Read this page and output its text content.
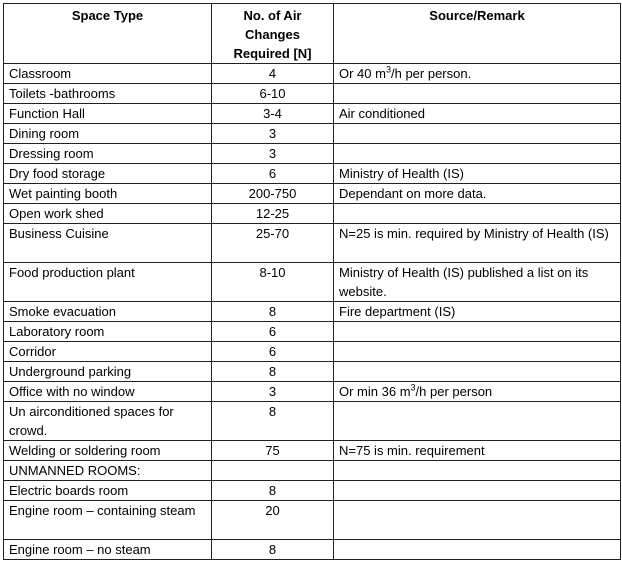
Space Type	No. of Air Changes Required [N]	Source/Remark
Classroom	4	Or 40 $m^3/h$ per person.
Toilets -bathrooms	6-10	
Function Hall	3-4	Air conditioned
Dining room	3	
Dressing room	3	
Dry food storage	6	Ministry of Health (IS)
Wet painting booth	200-750	Dependant on more data.
Open work shed	12-25	
Business Cuisine	25-70	N=25 is min. required by Ministry of Health (IS)
Food production plant	8-10	Ministry of Health (IS) published a list on its website.
Smoke evacuation	8	Fire department (IS)
Laboratory room	6	
Corridor	6	
Underground parking	8	
Office with no window	3	Or min 36 $m^3/h$ per person
Un airconditioned spaces for crowd.	8	
Welding or soldering room	75	N=75 is min. requirement
UNMANNED ROOMS:		
Electric boards room	8	
Engine room – containing steam	20	
Engine room – no steam	8	
